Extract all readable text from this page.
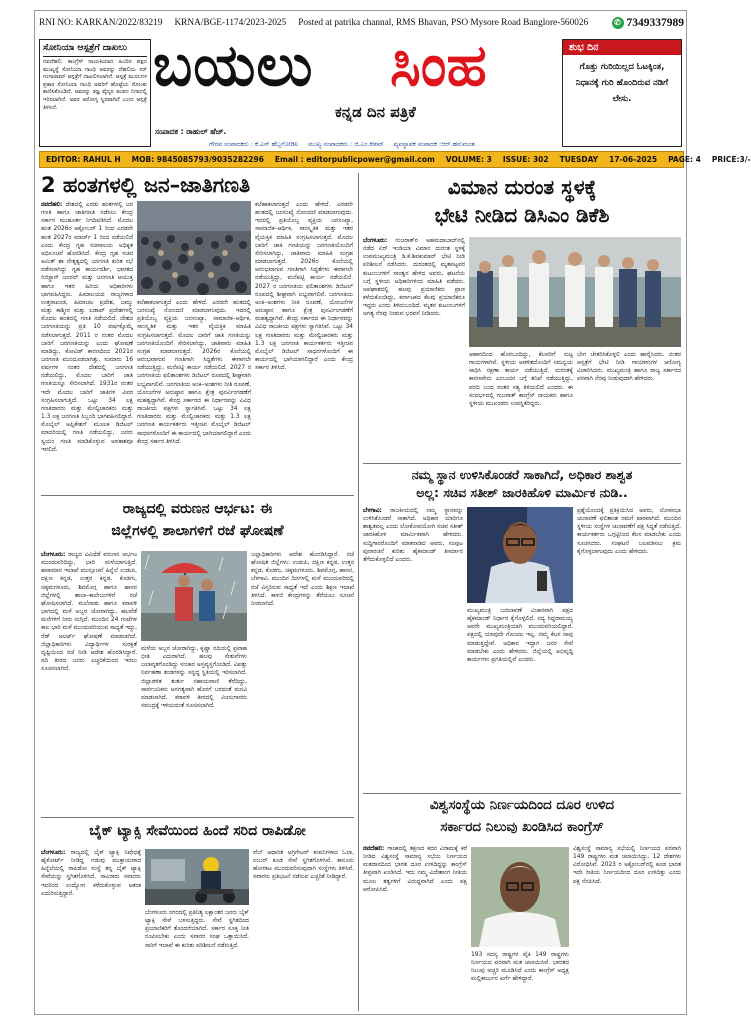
RNI NO: KARKAN/2022/83219 KRNA/BGE-1174/2023-2025 Posted at patrika channal, RMS Bhavan, PSO Mysore Road Banglore-560026	✆ 7349337989
ಸೋನಿಯಾ ಆಸ್ಪತ್ರೆಗೆ ದಾಖಲು
ನವದೆಹಲಿ: ಕಾಂಗ್ರೆಸ್ ನಾಯಕಿಯಾದ ಹಿಂದಿನ ಪಕ್ಷದ ಮುಖ್ಯಸ್ಥೆ ಸೋನಿಯಾ ಗಾಂಧಿ ಅವರನ್ನು ದೆಹಲಿಯ ಸರ್ ಗಂಗಾರಾಮ್ ಆಸ್ಪತ್ರೆಗೆ ದಾಖಲಿಸಲಾಗಿದೆ. ಆಸ್ಪತ್ರೆ ಮೂಲಗಳ ಪ್ರಕಾರ ಸೋನಿಯಾ ಗಾಂಧಿ ಅವರಿಗೆ ಹೊಟ್ಟೆಯ ಸೋಂಕು ಕಾಣಿಸಿಕೊಂಡಿದೆ. ಅವರನ್ನು ತಜ್ಞ ವೈದ್ಯರ ತಂಡದ ನಿಗಾದಲ್ಲಿ ಇರಿಸಲಾಗಿದೆ. ಅವರ ಆರೋಗ್ಯ ಸ್ಥಿರವಾಗಿದೆ ಎಂದು ಆಸ್ಪತ್ರೆ ತಿಳಿಸಿದೆ.
ಬಯಲು ಸಿಂಹ
ಕನ್ನಡ ದಿನ ಪತ್ರಿಕೆ
ಸಂಪಾದಕ : ರಾಹುಲ್ ಹೆಚ್.
ಗೌರವ ಸಂಪಾದಕರು : ಕೆ.ಎನ್ ಹೆಬ್ಬಗೋಡಿನಿ ಮುಖ್ಯ ಸಂಪಾದಕರು : ಜಿ.ಎಂ.ಕೀಶವ್ ವ್ಯವಸ್ಥಾಪಕ ಸಂಪಾದಕ :ಆರ್.ಹನುಮಂತ
ಶುಭ ದಿನ
ಗೊತ್ತು ಗುರಿಯಿಲ್ಲದ ಓಟಕ್ಕಿಂತ, ನಿಧಾನಕ್ಕೆ ಗುರಿ ಹೊಂದಿರುವ ನಡಿಗೆ ಲೇಸು.
EDITOR: RAHUL H MOB: 9845085793/9035282296 Email : editorpublicpower@gmail.com VOLUME: 3 ISSUE: 302 TUESDAY 17-06-2025 PAGE: 4 PRICE:3/-
2 ಹಂತಗಳಲ್ಲಿ ಜನ–ಜಾತಿಗಣತಿ
ನವದೆಹಲಿ: ದೇಶದಲ್ಲಿ ಎರಡು ಹಂತಗಳಲ್ಲಿ ಜನ ಗಣತಿ ಹಾಗೂ ಜಾತಿಗಣತಿ ನಡೆಸಲು ಕೇಂದ್ರ ಸರ್ಕಾರ ಮುಹೂರ್ತ ನಿಗದಿಪಡಿಸಿದೆ. ಮೊದಲ ಹಂತ 2026ರ ಅಕ್ಟೋಬರ್ 1 ರಿಂದ ಎರಡನೇ ಹಂತ 2027ರ ಮಾರ್ಚ್ 1 ರಿಂದ ನಡೆಯಲಿದೆ ಎಂದು ಕೇಂದ್ರ ಗೃಹ ಸಚಿವಾಲಯ ಅಧಿಕೃತ ಅಧಿಸೂಚನೆ ಹೊರಡಿಸಿದೆ. ಕೇಂದ್ರ ಗೃಹ ಸಚಿವ ಅಮಿತ್ ಶಾ ನೇತೃತ್ವದಲ್ಲಿ ಜನಗಣತಿ ಕುರಿತ ಸಭೆ ನಡೆಸಲಾಗಿದ್ದು ಗೃಹ ಕಾರ್ಯದರ್ಶಿ, ಭಾರತದ ರಿಜಿಸ್ಟ್ರಾರ್ ಜನರಲ್ ಮತ್ತು ಜನಗಣತಿ ಆಯುಕ್ತ ಹಾಗೂ ಇತರ ಹಿರಿಯ ಅಧಿಕಾರಿಗಳು ಭಾಗವಹಿಸಿದ್ದರು. ಹಿಮಾಲಯದ ರಾಜ್ಯಗಳಾದ ಉತ್ತರಾಖಂಡ, ಹಿಮಾಚಲ ಪ್ರದೇಶ, ಜಮ್ಮು ಮತ್ತು ಕಾಶ್ಮೀರ ಮತ್ತು ಲಡಾಖ್ ಪ್ರದೇಶಗಳಲ್ಲಿ ಮೊದಲ ಹಂತದಲ್ಲಿ ಗಣತಿ ನಡೆಯಲಿದೆ. ದೇಶದ ಜನಗಣತಿಯನ್ನು ಪ್ರತಿ 10 ವರ್ಷಕ್ಕೊಮ್ಮೆ ನಡೆಸಲಾಗುತ್ತದೆ. 2011 ರ ನಂತರ ಮೊದಲ ಬಾರಿಗೆ ಜನಗಣತಿಯನ್ನು ಎಂದು ಘೋಷಣೆ ಮಾಡಿದ್ದು, ಕೋವಿಡ್ ಕಾರಣದಿಂದ 2021ರ ಜನಗಣತಿ ಮುಂದೂಡಲಾಗಿತ್ತು. ಸುಮಾರು 16 ವರ್ಷಗಳ ನಂತರ ದೇಶದಲ್ಲಿ ಜನಗಣತಿ ನಡೆಯಲಿದ್ದು, ಮೊದಲ ಬಾರಿಗೆ ಜಾತಿ ಗಣತಿಯನ್ನೂ ಸೇರಿಸಲಾಗಿದೆ. 1931ರ ನಂತರ ಇದೇ ಮೊದಲ ಬಾರಿಗೆ ಜಾತಿಗಳ ವಿವರ ಸಂಗ್ರಹಿಸಲಾಗುತ್ತಿದೆ. ಒಟ್ಟು 34 ಲಕ್ಷ ಗಣತಿದಾರರು ಮತ್ತು ಮೇಲ್ವಿಚಾರಕರು ಮತ್ತು 1.3 ಲಕ್ಷ ಜನಗಣತಿ ಸಿಬ್ಬಂದಿ ಭಾಗವಹಿಸಲಿದ್ದಾರೆ. ಮೊಬೈಲ್ ಅಪ್ಲಿಕೇಶನ್ ಮೂಲಕ ಡಿಜಿಟಲ್ ಮಾದರಿಯಲ್ಲಿ ಗಣತಿ ನಡೆಯಲಿದ್ದು, ಜನರು ಸ್ವಯಂ ಗಣತಿ ಮಾಡಿಕೊಳ್ಳುವ ಅವಕಾಶವೂ ಇರಲಿದೆ.
ಕಲೆಹಾಕಲಾಗುತ್ತದೆ ಎಂದು ಹೇಳಿದೆ. ಎರಡನೇ ಹಂತದಲ್ಲಿ ಜನಸಂಖ್ಯೆ ನೋಂದಣಿ ಮಾಡಲಾಗುವುದು. ಇದರಲ್ಲಿ ಪ್ರತಿಯೊಬ್ಬ ವ್ಯಕ್ತಿಯ ಜನಸಂಖ್ಯಾ, ಸಾಮಾಜಿಕ–ಆರ್ಥಿಕ, ಸಾಂಸ್ಕೃತಿಕ ಮತ್ತು ಇತರ ವೈಯಕ್ತಿಕ ಮಾಹಿತಿ ಸಂಗ್ರಹಿಸಲಾಗುತ್ತದೆ. ಮೊದಲ ಬಾರಿಗೆ ಜಾತಿ ಗಣತಿಯನ್ನು ಜನಗಣತಿಯೊಂದಿಗೆ ಸೇರಿಸಲಾಗಿದ್ದು, ಜಾತಿವಾರು ಮಾಹಿತಿ ಸಂಗ್ರಹ ಮಾಡಲಾಗುತ್ತದೆ. 2026ರ ಕೊನೆಯಲ್ಲಿ ಆರಂಭವಾಗುವ ಗಣತಿಗಾಗಿ ಸಿದ್ಧತೆಗಳು ಈಗಾಗಲೇ ನಡೆಯುತ್ತಿದ್ದು, ಮನೆಪಟ್ಟಿ ಕಾರ್ಯ ನಡೆಯಲಿದೆ. 2027 ರ ಜನಗಣತಿಯ ಫಲಿತಾಂಶಗಳು ಡಿಜಿಟಲ್ ರೂಪದಲ್ಲಿ ಶೀಘ್ರವಾಗಿ ಲಭ್ಯವಾಗಲಿವೆ. ಜನಗಣತಿಯ ಅಂಕಿ–ಅಂಶಗಳು ನೀತಿ ರೂಪಣೆ, ಯೋಜನೆಗಳ ಅನುಷ್ಠಾನ ಹಾಗೂ ಕ್ಷೇತ್ರ ಪುನರ್ವಿಂಗಡಣೆಗೆ ಮಹತ್ವದ್ದಾಗಿವೆ. ಕೇಂದ್ರ ಸರ್ಕಾರದ ಈ ನಿರ್ಧಾರವನ್ನು ವಿವಿಧ ರಾಜಕೀಯ ಪಕ್ಷಗಳು ಸ್ವಾಗತಿಸಿವೆ. ಒಟ್ಟು 34 ಲಕ್ಷ ಗಣತಿದಾರರು ಮತ್ತು ಮೇಲ್ವಿಚಾರಕರು ಮತ್ತು 1.3 ಲಕ್ಷ ಜನಗಣತಿ ಕಾರ್ಯಕರ್ತರು ಇತ್ತೀಚಿನ ಮೊಬೈಲ್ ಡಿಜಿಟಲ್ ಸಾಧನಗಳೊಂದಿಗೆ ಈ ಕಾರ್ಯದಲ್ಲಿ ಭಾಗಿಯಾಗಲಿದ್ದಾರೆ ಎಂದು ಕೇಂದ್ರ ಸರ್ಕಾರ ತಿಳಿಸಿದೆ.
ಕಲೆಹಾಕಲಾಗುತ್ತದೆ ಎಂದು ಹೇಳಿದೆ. ಎರಡನೇ ಹಂತದಲ್ಲಿ ಜನಸಂಖ್ಯೆ ನೋಂದಣಿ ಮಾಡಲಾಗುವುದು. ಇದರಲ್ಲಿ ಪ್ರತಿಯೊಬ್ಬ ವ್ಯಕ್ತಿಯ ಜನಸಂಖ್ಯಾ, ಸಾಮಾಜಿಕ–ಆರ್ಥಿಕ, ಸಾಂಸ್ಕೃತಿಕ ಮತ್ತು ಇತರ ವೈಯಕ್ತಿಕ ಮಾಹಿತಿ ಸಂಗ್ರಹಿಸಲಾಗುತ್ತದೆ. ಮೊದಲ ಬಾರಿಗೆ ಜಾತಿ ಗಣತಿಯನ್ನು ಜನಗಣತಿಯೊಂದಿಗೆ ಸೇರಿಸಲಾಗಿದ್ದು, ಜಾತಿವಾರು ಮಾಹಿತಿ ಸಂಗ್ರಹ ಮಾಡಲಾಗುತ್ತದೆ. 2026ರ ಕೊನೆಯಲ್ಲಿ ಆರಂಭವಾಗುವ ಗಣತಿಗಾಗಿ ಸಿದ್ಧತೆಗಳು ಈಗಾಗಲೇ ನಡೆಯುತ್ತಿದ್ದು, ಮನೆಪಟ್ಟಿ ಕಾರ್ಯ ನಡೆಯಲಿದೆ. 2027 ರ ಜನಗಣತಿಯ ಫಲಿತಾಂಶಗಳು ಡಿಜಿಟಲ್ ರೂಪದಲ್ಲಿ ಶೀಘ್ರವಾಗಿ ಲಭ್ಯವಾಗಲಿವೆ. ಜನಗಣತಿಯ ಅಂಕಿ–ಅಂಶಗಳು ನೀತಿ ರೂಪಣೆ, ಯೋಜನೆಗಳ ಅನುಷ್ಠಾನ ಹಾಗೂ ಕ್ಷೇತ್ರ ಪುನರ್ವಿಂಗಡಣೆಗೆ ಮಹತ್ವದ್ದಾಗಿವೆ. ಕೇಂದ್ರ ಸರ್ಕಾರದ ಈ ನಿರ್ಧಾರವನ್ನು ವಿವಿಧ ರಾಜಕೀಯ ಪಕ್ಷಗಳು ಸ್ವಾಗತಿಸಿವೆ. ಒಟ್ಟು 34 ಲಕ್ಷ ಗಣತಿದಾರರು ಮತ್ತು ಮೇಲ್ವಿಚಾರಕರು ಮತ್ತು 1.3 ಲಕ್ಷ ಜನಗಣತಿ ಕಾರ್ಯಕರ್ತರು ಇತ್ತೀಚಿನ ಮೊಬೈಲ್ ಡಿಜಿಟಲ್ ಸಾಧನಗಳೊಂದಿಗೆ ಈ ಕಾರ್ಯದಲ್ಲಿ ಭಾಗಿಯಾಗಲಿದ್ದಾರೆ ಎಂದು ಕೇಂದ್ರ ಸರ್ಕಾರ ತಿಳಿಸಿದೆ.
ವಿಮಾನ ದುರಂತ ಸ್ಥಳಕ್ಕೆ
ಭೇಟಿ ನೀಡಿದ ಡಿಸಿಎಂ ಡಿಕೆಶಿ
ಬೆಂಗಳೂರು: ಗುಜರಾತ್‌ನ ಅಹಮದಾಬಾದ್‌ನಲ್ಲಿ ನಡೆದ ಏರ್ ಇಂಡಿಯಾ ವಿಮಾನ ದುರಂತ ಸ್ಥಳಕ್ಕೆ ಉಪಮುಖ್ಯಮಂತ್ರಿ ಡಿ.ಕೆ.ಶಿವಕುಮಾರ್ ಭೇಟಿ ನೀಡಿ ಪರಿಶೀಲನೆ ನಡೆಸಿದರು. ದುರಂತದಲ್ಲಿ ಮೃತಪಟ್ಟವರ ಕುಟುಂಬಗಳಿಗೆ ಸಾಂತ್ವನ ಹೇಳಿದ ಅವರು, ಘಟನೆಯ ಬಗ್ಗೆ ಸ್ಥಳೀಯ ಅಧಿಕಾರಿಗಳಿಂದ ಮಾಹಿತಿ ಪಡೆದರು. ಅಪಘಾತದಲ್ಲಿ ಹಲವು ಪ್ರಯಾಣಿಕರು ಪ್ರಾಣ ಕಳೆದುಕೊಂಡಿದ್ದು, ಕರ್ನಾಟಕದ ಕೆಲವು ಪ್ರಯಾಣಿಕರೂ ಇದ್ದರು ಎಂದು ತಿಳಿದುಬಂದಿದೆ. ಮೃತರ ಕುಟುಂಬಗಳಿಗೆ ಅಗತ್ಯ ನೆರವು ನೀಡುವ ಭರವಸೆ ನೀಡಿದರು.
ಆಹಾರದಿಂದ ಹೊರಬಂದಿದ್ದು, ಕೆಲವರಿಗೆ ಸುಟ್ಟ ಗಾಯಗಳಾಗಿವೆ. ಸ್ಥಳೀಯ ಆಡಳಿತದೊಂದಿಗೆ ಸಮನ್ವಯ ಸಾಧಿಸಿ ರಕ್ಷಣಾ ಕಾರ್ಯ ನಡೆಯುತ್ತಿದೆ. ದುರಂತಕ್ಕೆ ಕಾರಣವೇನು ಎಂಬುದರ ಬಗ್ಗೆ ತನಿಖೆ ನಡೆಯುತ್ತಿದ್ದು, ವರದಿ ಬಂದ ನಂತರ ಸತ್ಯ ತಿಳಿಯಲಿದೆ ಎಂದರು. ಈ ಸಂದರ್ಭದಲ್ಲಿ ಗುಜರಾತ್ ಕಾಂಗ್ರೆಸ್ ನಾಯಕರು ಹಾಗೂ ಸ್ಥಳೀಯ ಮುಖಂಡರು ಉಪಸ್ಥಿತರಿದ್ದರು.
ಬೇಗ ಚೇತರಿಸಿಕೊಳ್ಳಲಿ ಎಂದು ಹಾರೈಸಿದರು. ನಂತರ ಆಸ್ಪತ್ರೆಗೆ ಭೇಟಿ ನೀಡಿ ಗಾಯಾಳುಗಳ ಆರೋಗ್ಯ ವಿಚಾರಿಸಿದರು. ಮುಖ್ಯಮಂತ್ರಿ ಹಾಗೂ ರಾಜ್ಯ ಸರ್ಕಾರದ ಪರವಾಗಿ ನೆರವು ನೀಡುವುದಾಗಿ ಹೇಳಿದರು.
ನಮ್ಮ ಸ್ಥಾನ ಉಳಿಸಿಕೊಂಡರೆ ಸಾಕಾಗಿದೆ, ಅಧಿಕಾರ ಶಾಶ್ವತ
ಅಲ್ಲ: ಸಚಿವ ಸತೀಶ್ ಜಾರಕಿಹೊಳಿ ಮಾರ್ಮಿಕ ನುಡಿ..
ಬೆಳಗಾವಿ: ರಾಜಕೀಯದಲ್ಲಿ ನಮ್ಮ ಸ್ಥಾನವನ್ನು ಉಳಿಸಿಕೊಂಡರೆ ಸಾಕಾಗಿದೆ. ಅಧಿಕಾರ ಯಾರಿಗೂ ಶಾಶ್ವತವಲ್ಲ ಎಂದು ಲೋಕೋಪಯೋಗಿ ಸಚಿವ ಸತೀಶ್ ಜಾರಕಿಹೊಳಿ ಮಾರ್ಮಿಕವಾಗಿ ಹೇಳಿದರು. ಸುದ್ದಿಗಾರರೊಂದಿಗೆ ಮಾತನಾಡಿದ ಅವರು, ಸಂಪುಟ ಪುನಾರಚನೆ ಕುರಿತು ಹೈಕಮಾಂಡ್ ತೀರ್ಮಾನ ತೆಗೆದುಕೊಳ್ಳಲಿದೆ ಎಂದರು.
ಮುಖ್ಯಮಂತ್ರಿ ಬದಲಾವಣೆ ವಿಚಾರವಾಗಿ ಪಕ್ಷದ ಹೈಕಮಾಂಡ್ ನಿರ್ಧಾರ ಕೈಗೊಳ್ಳಲಿದೆ. ಸದ್ಯ ಸಿದ್ದರಾಮಯ್ಯ ಅವರೇ ಮುಖ್ಯಮಂತ್ರಿಯಾಗಿ ಮುಂದುವರಿಯಲಿದ್ದಾರೆ. ಪಕ್ಷದಲ್ಲಿ ಯಾವುದೇ ಗೊಂದಲ ಇಲ್ಲ. ನಮ್ಮ ಕೆಲಸ ನಾವು ಮಾಡುತ್ತಿದ್ದೇವೆ. ಅಧಿಕಾರ ಇದ್ದಾಗ ಜನರ ಸೇವೆ ಮಾಡಬೇಕು ಎಂದು ಹೇಳಿದರು. ಜಿಲ್ಲೆಯಲ್ಲಿ ಅಭಿವೃದ್ಧಿ ಕಾರ್ಯಗಳು ಪ್ರಗತಿಯಲ್ಲಿವೆ ಎಂದರು.
ಪ್ರಶ್ನೆಯೊಂದಕ್ಕೆ ಪ್ರತಿಕ್ರಿಯಿಸಿದ ಅವರು, ಲೋಕಸಭಾ ಚುನಾವಣೆ ಫಲಿತಾಂಶ ನಮಗೆ ಪಾಠವಾಗಿದೆ. ಮುಂದಿನ ಸ್ಥಳೀಯ ಸಂಸ್ಥೆಗಳ ಚುನಾವಣೆಗೆ ಪಕ್ಷ ಸಿದ್ಧತೆ ನಡೆಸುತ್ತಿದೆ. ಕಾರ್ಯಕರ್ತರು ಒಗ್ಗಟ್ಟಿನಿಂದ ಕೆಲಸ ಮಾಡಬೇಕು ಎಂದು ಸೂಚಿಸಿದರು. ಸಂಘಟನೆ ಬಲಪಡಿಸಲು ಕ್ರಮ ಕೈಗೊಳ್ಳಲಾಗುವುದು ಎಂದು ಹೇಳಿದರು.
ರಾಜ್ಯದಲ್ಲಿ ವರುಣನ ಆರ್ಭಟ: ಈ
ಜಿಲ್ಲೆಗಳಲ್ಲಿ ಶಾಲಾಗಳಿಗೆ ರಜೆ ಘೋಷಣೆ
ಬೆಂಗಳೂರು: ರಾಜ್ಯದ ವಿವಿಧೆಡೆ ವರುಣನ ಆರ್ಭಟ ಮುಂದುವರಿದಿದ್ದು, ಭಾರಿ ಮಳೆಯಾಗುತ್ತಿದೆ. ಹವಾಮಾನ ಇಲಾಖೆ ಮುನ್ಸೂಚನೆ ಹಿನ್ನೆಲೆ ಉಡುಪಿ, ದಕ್ಷಿಣ ಕನ್ನಡ, ಉತ್ತರ ಕನ್ನಡ, ಕೊಡಗು, ಚಿಕ್ಕಮಗಳೂರು, ಶಿವಮೊಗ್ಗ ಹಾಗೂ ಹಾಸನ ಜಿಲ್ಲೆಗಳಲ್ಲಿ ಶಾಲಾ–ಕಾಲೇಜುಗಳಿಗೆ ರಜೆ ಘೋಷಿಸಲಾಗಿದೆ. ಮಲೆನಾಡು ಹಾಗೂ ಕರಾವಳಿ ಭಾಗದಲ್ಲಿ ಮಳೆ ಅಬ್ಬರ ಜೋರಾಗಿದ್ದು, ಹಲವೆಡೆ ಮನೆಗಳಿಗೆ ನೀರು ನುಗ್ಗಿದೆ. ಮುಂದಿನ 24 ಗಂಟೆಗಳ ಕಾಲ ಭಾರಿ ಮಳೆ ಮುಂದುವರಿಯುವ ಸಾಧ್ಯತೆ ಇದ್ದು, ರೆಡ್ ಅಲರ್ಟ್ ಘೋಷಣೆ ಮಾಡಲಾಗಿದೆ. ಜಿಲ್ಲಾಧಿಕಾರಿಗಳು ವಿದ್ಯಾರ್ಥಿಗಳ ಸುರಕ್ಷತೆ ದೃಷ್ಟಿಯಿಂದ ರಜೆ ನೀಡಿ ಆದೇಶ ಹೊರಡಿಸಿದ್ದಾರೆ. ನದಿ ತೀರದ ಜನರು ಎಚ್ಚರಿಕೆಯಿಂದ ಇರಲು ಸೂಚಿಸಲಾಗಿದೆ.
ಮಳೆಯ ಅಬ್ಬರ ಜೋರಾಗಿದ್ದು, ಕೃಷ್ಣಾ ನದಿಯಲ್ಲಿ ಪ್ರವಾಹ ಭೀತಿ ಎದುರಾಗಿದೆ. ಹಲವು ಸೇತುವೆಗಳು ಜಲಾವೃತಗೊಂಡಿದ್ದು ಸಂಚಾರ ಅಸ್ತವ್ಯಸ್ತಗೊಂಡಿದೆ. ವಿಪತ್ತು ನಿರ್ವಹಣಾ ತಂಡಗಳನ್ನು ಸನ್ನದ್ಧ ಸ್ಥಿತಿಯಲ್ಲಿ ಇರಿಸಲಾಗಿದೆ. ಜಿಲ್ಲಾಡಳಿತ ತುರ್ತು ಸಹಾಯವಾಣಿ ತೆರೆದಿದ್ದು, ಸಾರ್ವಜನಿಕರು ಅನಗತ್ಯವಾಗಿ ಹೊರಗೆ ಬರದಂತೆ ಮನವಿ ಮಾಡಲಾಗಿದೆ. ಕರಾವಳಿ ತೀರದಲ್ಲಿ ಮೀನುಗಾರರು ಸಮುದ್ರಕ್ಕೆ ಇಳಿಯದಂತೆ ಸೂಚಿಸಲಾಗಿದೆ.
ಜಲ್ಲಾಧಿಕಾರಿಗಳು ಆದೇಶ ಹೊರಡಿಸಿದ್ದಾರೆ. ರಜೆ ಘೋಷಿತ ಜಿಲ್ಲೆಗಳು: ಉಡುಪಿ, ದಕ್ಷಿಣ ಕನ್ನಡ, ಉತ್ತರ ಕನ್ನಡ, ಕೊಡಗು, ಚಿಕ್ಕಮಗಳೂರು, ಶಿವಮೊಗ್ಗ, ಹಾಸನ, ಬೆಳಗಾವಿ. ಮುಂದಿನ ದಿನಗಳಲ್ಲಿ ಮಳೆ ಮುಂದುವರಿದಲ್ಲಿ ರಜೆ ವಿಸ್ತರಿಸುವ ಸಾಧ್ಯತೆ ಇದೆ ಎಂದು ಶಿಕ್ಷಣ ಇಲಾಖೆ ತಿಳಿಸಿದೆ. ಕಾಳಜಿ ಕೇಂದ್ರಗಳನ್ನು ತೆರೆಯಲು ಸೂಚನೆ ನೀಡಲಾಗಿದೆ.
ವಿಶ್ವಸಂಸ್ಥೆಯ ನಿರ್ಣಯದಿಂದ ದೂರ ಉಳಿದ
ಸರ್ಕಾರದ ನಿಲುವು ಖಂಡಿಸಿದ ಕಾಂಗ್ರೆಸ್
ನವದೆಹಲಿ: ಗಾಜಾದಲ್ಲಿ ತಕ್ಷಣದ ಕದನ ವಿರಾಮಕ್ಕೆ ಕರೆ ನೀಡಿದ ವಿಶ್ವಸಂಸ್ಥೆ ಸಾಮಾನ್ಯ ಸಭೆಯ ನಿರ್ಣಯದ ಮತದಾನದಿಂದ ಭಾರತ ದೂರ ಉಳಿದಿದ್ದನ್ನು ಕಾಂಗ್ರೆಸ್ ತೀವ್ರವಾಗಿ ಖಂಡಿಸಿದೆ. ಇದು ನಮ್ಮ ವಿದೇಶಾಂಗ ನೀತಿಯ ಮೂಲ ತತ್ವಗಳಿಗೆ ವಿರುದ್ಧವಾಗಿದೆ ಎಂದು ಪಕ್ಷ ಆರೋಪಿಸಿದೆ.
193 ಸದಸ್ಯ ರಾಷ್ಟ್ರಗಳ ಪೈಕಿ 149 ರಾಷ್ಟ್ರಗಳು ನಿರ್ಣಯದ ಪರವಾಗಿ ಮತ ಚಲಾಯಿಸಿವೆ. ಭಾರತದ ನಿಲುವು ಅಚ್ಚರಿ ಮೂಡಿಸಿದೆ ಎಂದು ಕಾಂಗ್ರೆಸ್ ಅಧ್ಯಕ್ಷ ಮಲ್ಲಿಕಾರ್ಜುನ ಖರ್ಗೆ ಹೇಳಿದ್ದಾರೆ.
ವಿಶ್ವಸಂಸ್ಥೆ ಸಾಮಾನ್ಯ ಸಭೆಯಲ್ಲಿ ನಿರ್ಣಯದ ಪರವಾಗಿ 149 ರಾಷ್ಟ್ರಗಳು ಮತ ಚಲಾಯಿಸಿದ್ದು, 12 ದೇಶಗಳು ವಿರೋಧಿಸಿವೆ. 2023 ರ ಅಕ್ಟೋಬರ್‌ನಲ್ಲಿ ಕೂಡ ಭಾರತ ಇದೇ ರೀತಿಯ ನಿರ್ಣಯದಿಂದ ದೂರ ಉಳಿದಿತ್ತು ಎಂದು ಪಕ್ಷ ನೆನಪಿಸಿದೆ.
ಬೈಕ್ ಟ್ಯಾಕ್ಸಿ ಸೇವೆಯಿಂದ ಹಿಂದೆ ಸರಿದ ರಾಪಿಡೋ
ಬೆಂಗಳೂರು: ರಾಜ್ಯದಲ್ಲಿ ಬೈಕ್ ಟ್ಯಾಕ್ಸಿ ನಿಷೇಧಕ್ಕೆ ಹೈಕೋರ್ಟ್ ನೀಡಿದ್ದ ಗಡುವು ಮುಕ್ತಾಯವಾದ ಹಿನ್ನೆಲೆಯಲ್ಲಿ ರಾಪಿಡೋ ಸಂಸ್ಥೆ ತನ್ನ ಬೈಕ್ ಟ್ಯಾಕ್ಸಿ ಸೇವೆಯನ್ನು ಸ್ಥಗಿತಗೊಳಿಸಿದೆ. ಸಾವಿರಾರು ಸವಾರರು ಇದರಿಂದ ಉದ್ಯೋಗ ಕಳೆದುಕೊಳ್ಳುವ ಆತಂಕ ಎದುರಿಸುತ್ತಿದ್ದಾರೆ.
ಬೆಂಗಳೂರು ನಗರದಲ್ಲಿ ಪ್ರತಿನಿತ್ಯ ಲಕ್ಷಾಂತರ ಜನರು ಬೈಕ್ ಟ್ಯಾಕ್ಸಿ ಸೇವೆ ಬಳಸುತ್ತಿದ್ದರು. ಸೇವೆ ಸ್ಥಗಿತದಿಂದ ಪ್ರಯಾಣಿಕರಿಗೆ ತೊಂದರೆಯಾಗಿದೆ. ಸರ್ಕಾರ ಸೂಕ್ತ ನೀತಿ ರೂಪಿಸಬೇಕು ಎಂದು ಸವಾರರ ಸಂಘ ಒತ್ತಾಯಿಸಿದೆ. ಸಾರಿಗೆ ಇಲಾಖೆ ಈ ಕುರಿತು ಪರಿಶೀಲನೆ ನಡೆಸುತ್ತಿದೆ.
ವೆಬ್ ಆಧಾರಿತ ಅಗ್ರಿಗೇಟರ್ ಕಂಪನಿಗಳಾದ ಓಲಾ, ಉಬರ್ ಕೂಡ ಸೇವೆ ಸ್ಥಗಿತಗೊಳಿಸಿವೆ. ಕಾನೂನು ಹೋರಾಟ ಮುಂದುವರಿಸುವುದಾಗಿ ಸಂಸ್ಥೆಗಳು ತಿಳಿಸಿವೆ. ಸವಾರರು ಪ್ರತಿಭಟನೆ ನಡೆಸುವ ಎಚ್ಚರಿಕೆ ನೀಡಿದ್ದಾರೆ.
